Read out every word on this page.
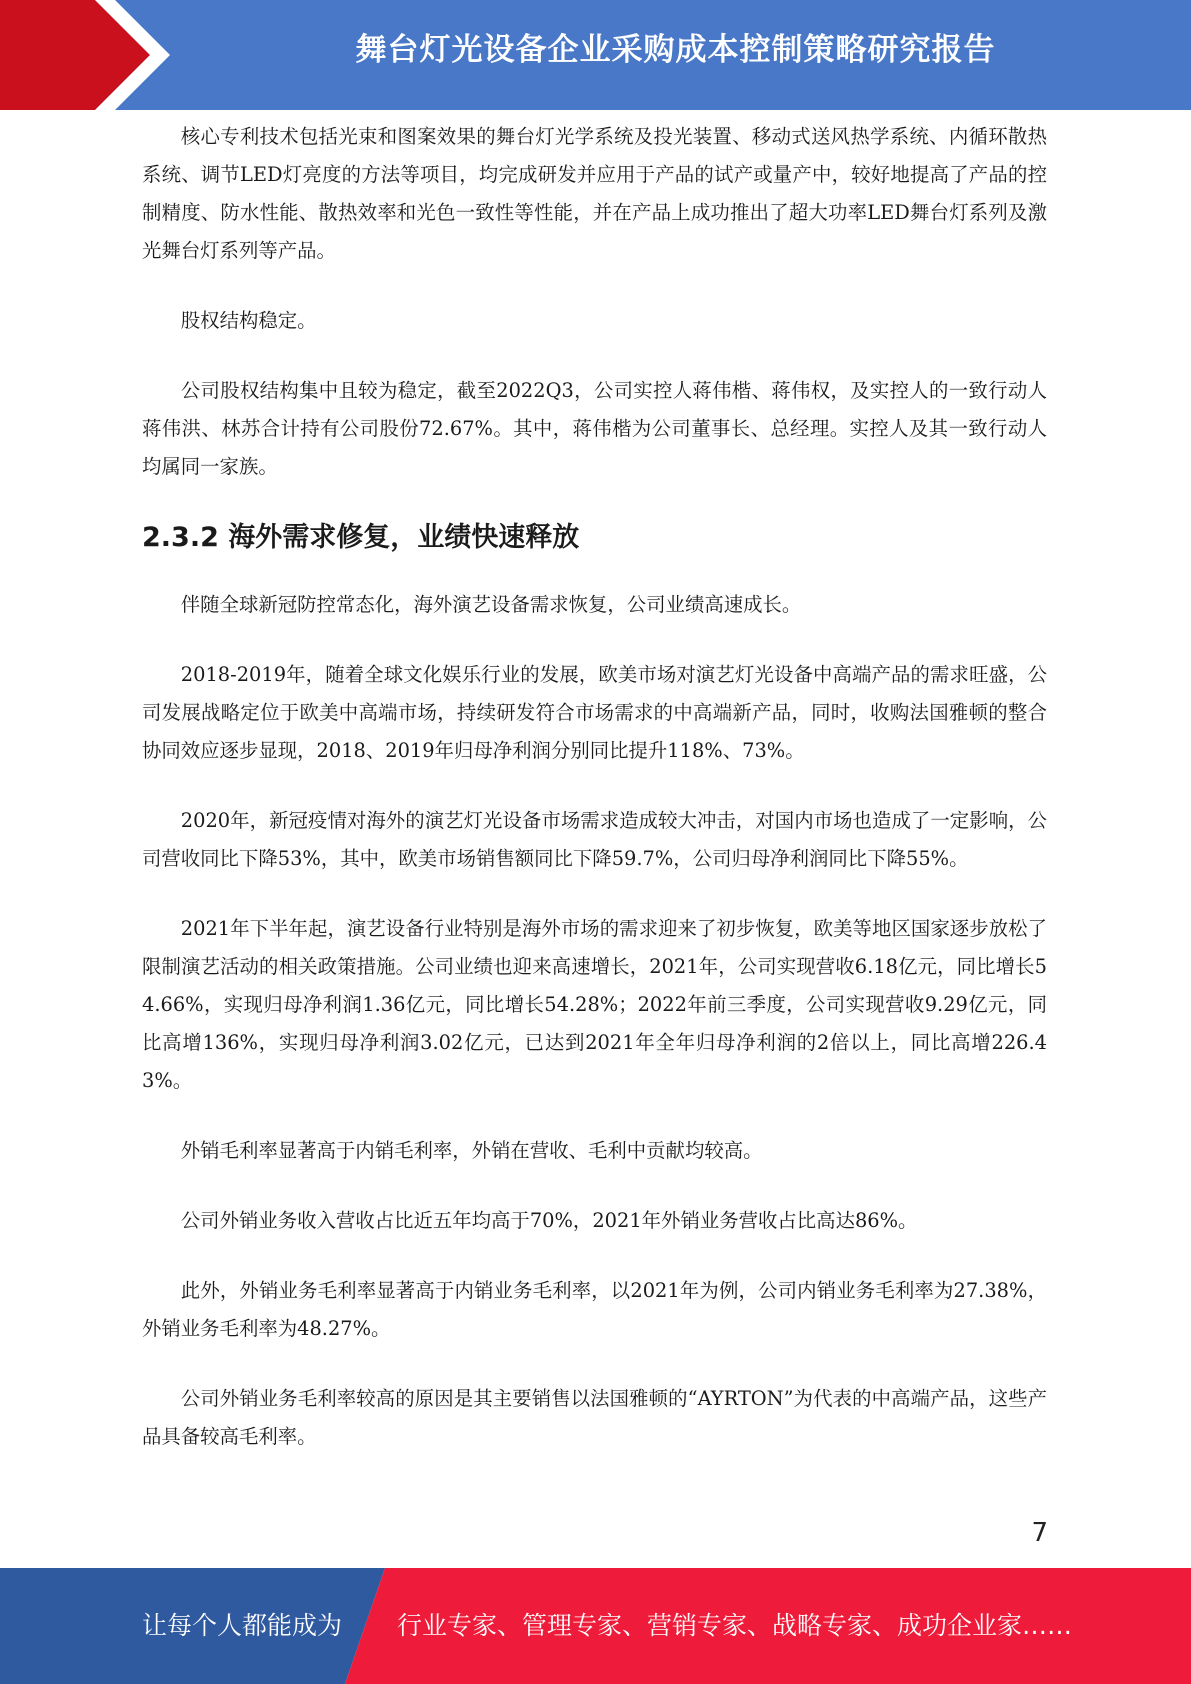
舞台灯光设备企业采购成本控制策略研究报告

核心专利技术包括光束和图案效果的舞台灯光学系统及投光装置、移动式送风热学系统、内循环散热系统、调节LED灯亮度的方法等项目，均完成研发并应用于产品的试产或量产中，较好地提高了产品的控制精度、防水性能、散热效率和光色一致性等性能，并在产品上成功推出了超大功率LED舞台灯系列及激光舞台灯系列等产品。

股权结构稳定。

公司股权结构集中且较为稳定，截至2022Q3，公司实控人蒋伟楷、蒋伟权，及实控人的一致行动人蒋伟洪、林苏合计持有公司股份72.67%。其中，蒋伟楷为公司董事长、总经理。实控人及其一致行动人均属同一家族。

2.3.2 海外需求修复，业绩快速释放

伴随全球新冠防控常态化，海外演艺设备需求恢复，公司业绩高速成长。

2018-2019年，随着全球文化娱乐行业的发展，欧美市场对演艺灯光设备中高端产品的需求旺盛，公司发展战略定位于欧美中高端市场，持续研发符合市场需求的中高端新产品，同时，收购法国雅顿的整合协同效应逐步显现，2018、2019年归母净利润分别同比提升118%、73%。

2020年，新冠疫情对海外的演艺灯光设备市场需求造成较大冲击，对国内市场也造成了一定影响，公司营收同比下降53%，其中，欧美市场销售额同比下降59.7%，公司归母净利润同比下降55%。

2021年下半年起，演艺设备行业特别是海外市场的需求迎来了初步恢复，欧美等地区国家逐步放松了限制演艺活动的相关政策措施。公司业绩也迎来高速增长，2021年，公司实现营收6.18亿元，同比增长54.66%，实现归母净利润1.36亿元，同比增长54.28%；2022年前三季度，公司实现营收9.29亿元，同比高增136%，实现归母净利润3.02亿元，已达到2021年全年归母净利润的2倍以上，同比高增226.43%。

外销毛利率显著高于内销毛利率，外销在营收、毛利中贡献均较高。

公司外销业务收入营收占比近五年均高于70%，2021年外销业务营收占比高达86%。

此外，外销业务毛利率显著高于内销业务毛利率，以2021年为例，公司内销业务毛利率为27.38%，外销业务毛利率为48.27%。

公司外销业务毛利率较高的原因是其主要销售以法国雅顿的“AYRTON”为代表的中高端产品，这些产品具备较高毛利率。

7
让每个人都能成为 行业专家、管理专家、营销专家、战略专家、成功企业家……
